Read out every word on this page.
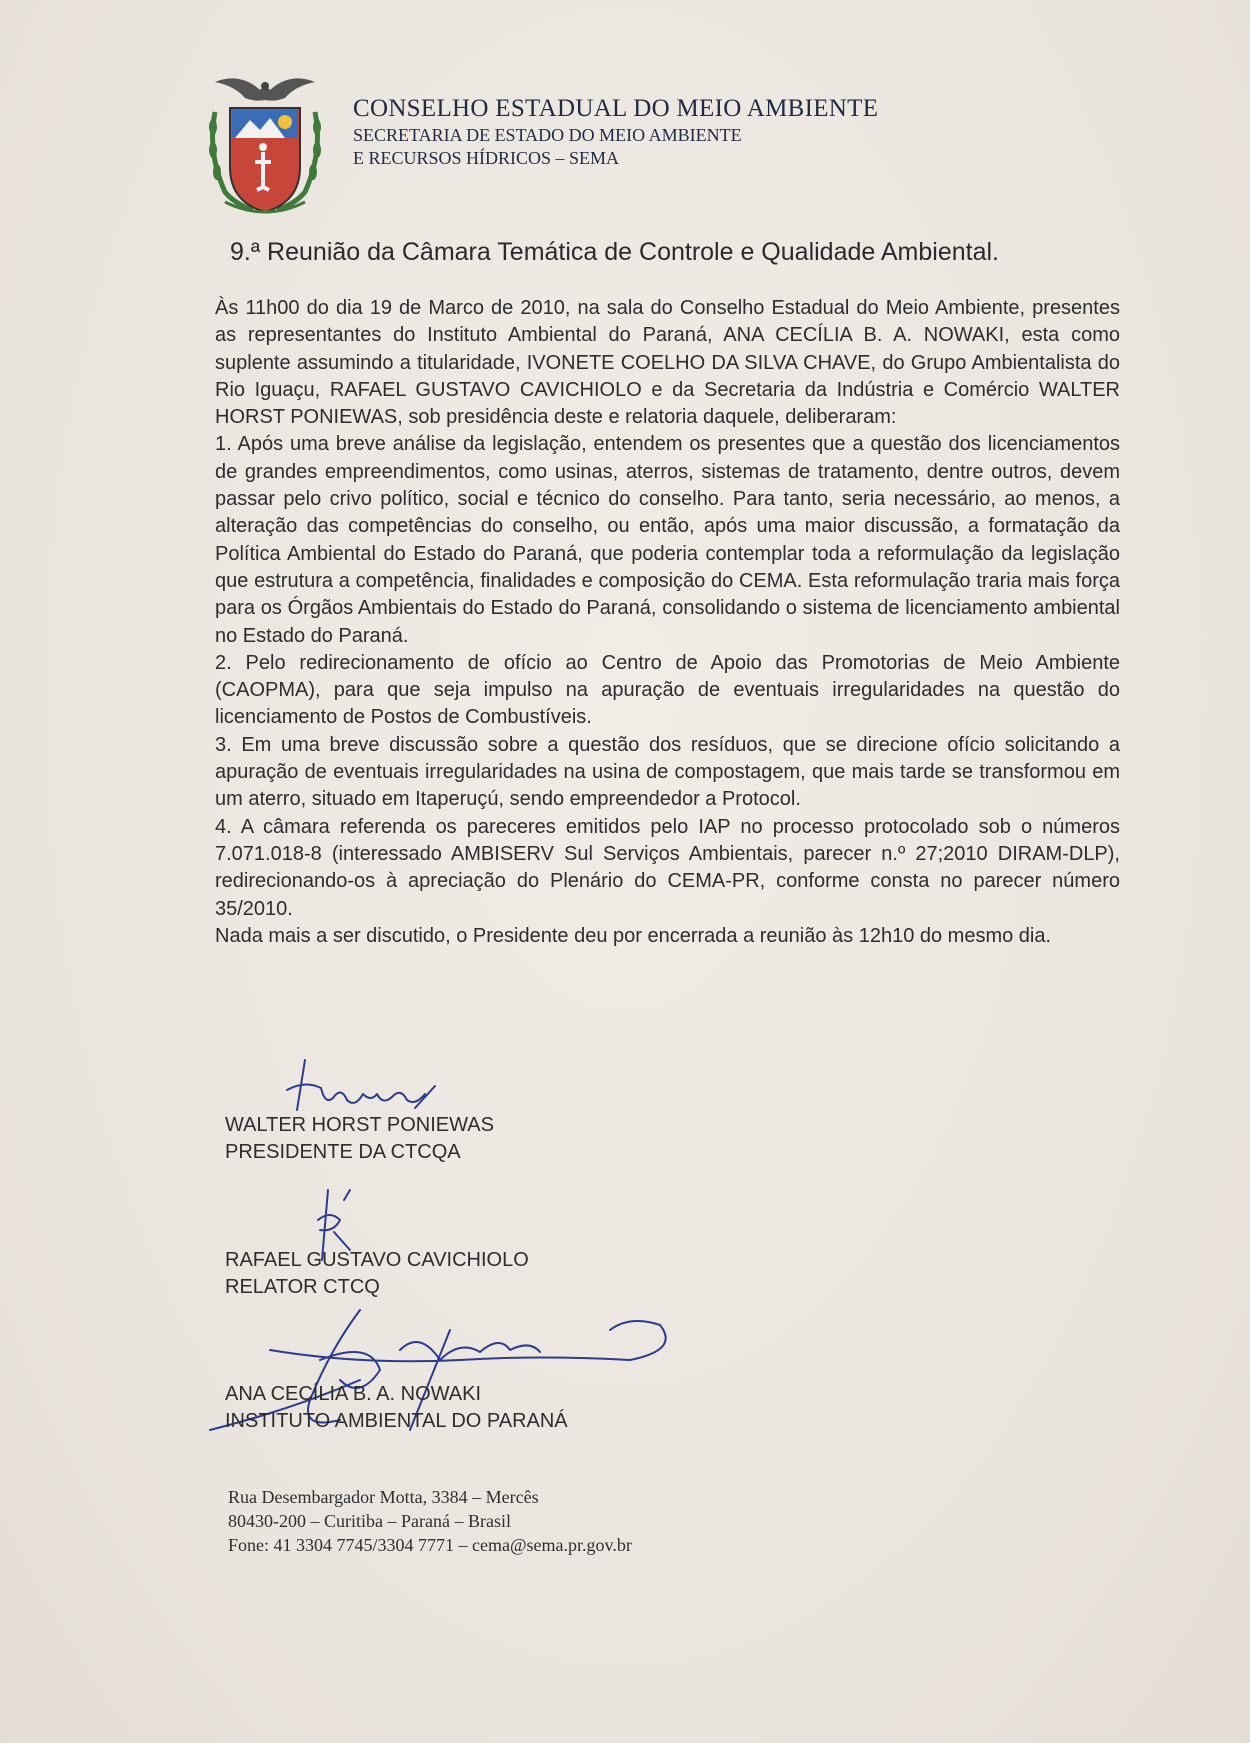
CONSELHO ESTADUAL DO MEIO AMBIENTE

SECRETARIA DE ESTADO DO MEIO AMBIENTE

E RECURSOS HÍDRICOS – SEMA

9.ª Reunião da Câmara Temática de Controle e Qualidade Ambiental.

Às 11h00 do dia 19 de Marco de 2010, na sala do Conselho Estadual do Meio Ambiente, presentes as representantes do Instituto Ambiental do Paraná, ANA CECÍLIA B. A. NOWAKI, esta como suplente assumindo a titularidade, IVONETE COELHO DA SILVA CHAVE, do Grupo Ambientalista do Rio Iguaçu, RAFAEL GUSTAVO CAVICHIOLO e da Secretaria da Indústria e Comércio WALTER HORST PONIEWAS, sob presidência deste e relatoria daquele, deliberaram:

1. Após uma breve análise da legislação, entendem os presentes que a questão dos licenciamentos de grandes empreendimentos, como usinas, aterros, sistemas de tratamento, dentre outros, devem passar pelo crivo político, social e técnico do conselho. Para tanto, seria necessário, ao menos, a alteração das competências do conselho, ou então, após uma maior discussão, a formatação da Política Ambiental do Estado do Paraná, que poderia contemplar toda a reformulação da legislação que estrutura a competência, finalidades e composição do CEMA. Esta reformulação traria mais força para os Órgãos Ambientais do Estado do Paraná, consolidando o sistema de licenciamento ambiental no Estado do Paraná.

2. Pelo redirecionamento de ofício ao Centro de Apoio das Promotorias de Meio Ambiente (CAOPMA), para que seja impulso na apuração de eventuais irregularidades na questão do licenciamento de Postos de Combustíveis.

3. Em uma breve discussão sobre a questão dos resíduos, que se direcione ofício solicitando a apuração de eventuais irregularidades na usina de compostagem, que mais tarde se transformou em um aterro, situado em Itaperuçú, sendo empreendedor a Protocol.

4. A câmara referenda os pareceres emitidos pelo IAP no processo protocolado sob o números 7.071.018-8 (interessado AMBISERV Sul Serviços Ambientais, parecer n.º 27;2010 DIRAM-DLP), redirecionando-os à apreciação do Plenário do CEMA-PR, conforme consta no parecer número 35/2010.

Nada mais a ser discutido, o Presidente deu por encerrada a reunião às 12h10 do mesmo dia.

WALTER HORST PONIEWAS
PRESIDENTE DA CTCQA
RAFAEL GUSTAVO CAVICHIOLO
RELATOR CTCQ
ANA CECÍLIA B. A. NOWAKI
INSTITUTO AMBIENTAL DO PARANÁ
Rua Desembargador Motta, 3384 – Mercês
80430-200 – Curitiba – Paraná – Brasil
Fone: 41 3304 7745/3304 7771 – cema@sema.pr.gov.br
